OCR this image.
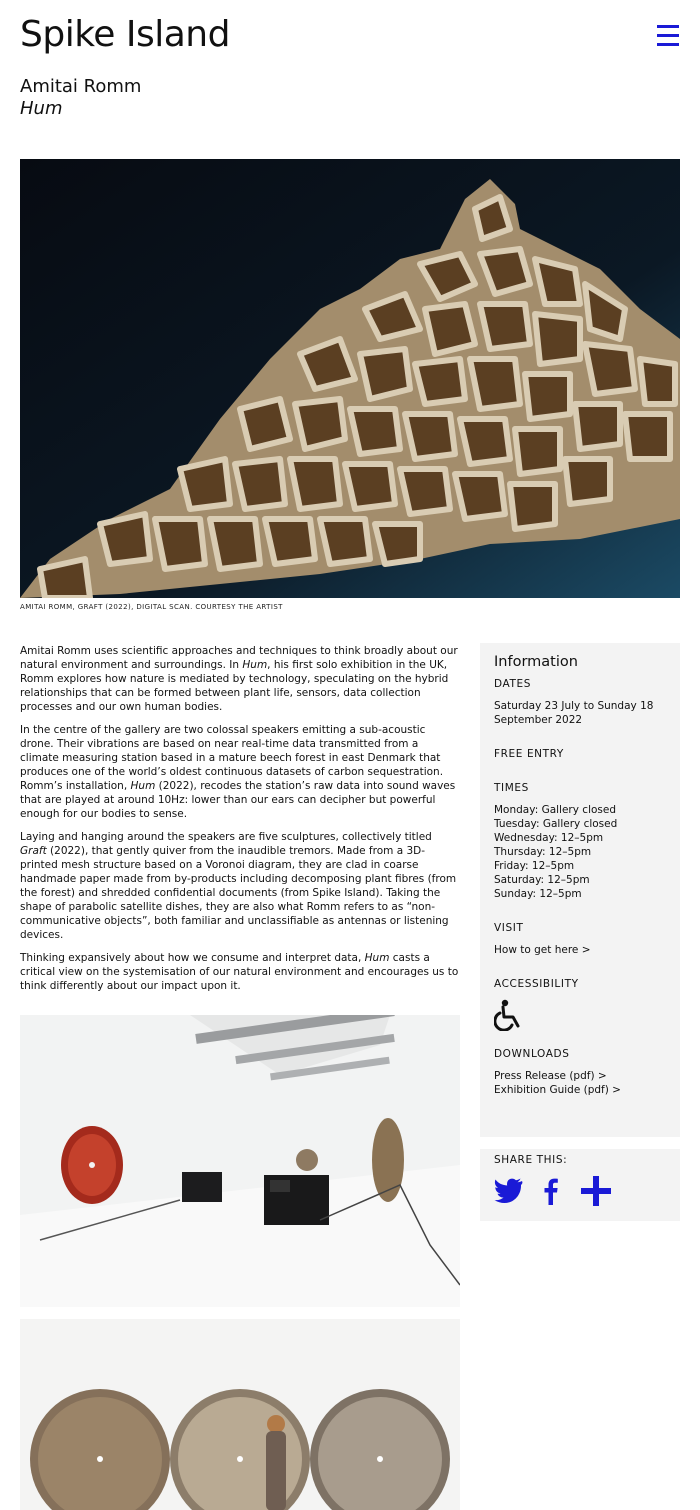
Spike Island
Amitai Romm
Hum
AMITAI ROMM, GRAFT (2022), DIGITAL SCAN. COURTESY THE ARTIST

Amitai Romm uses scientific approaches and techniques to think broadly about our natural environment and surroundings. In Hum, his first solo exhibition in the UK, Romm explores how nature is mediated by technology, speculating on the hybrid relationships that can be formed between plant life, sensors, data collection processes and our own human bodies.

In the centre of the gallery are two colossal speakers emitting a sub-acoustic drone. Their vibrations are based on near real-time data transmitted from a climate measuring station based in a mature beech forest in east Denmark that produces one of the world’s oldest continuous datasets of carbon sequestration. Romm’s installation, Hum (2022), recodes the station’s raw data into sound waves that are played at around 10Hz: lower than our ears can decipher but powerful enough for our bodies to sense.

Laying and hanging around the speakers are five sculptures, collectively titled Graft (2022), that gently quiver from the inaudible tremors. Made from a 3D-printed mesh structure based on a Voronoi diagram, they are clad in coarse handmade paper made from by-products including decomposing plant fibres (from the forest) and shredded confidential documents (from Spike Island). Taking the shape of parabolic satellite dishes, they are also what Romm refers to as “non-communicative objects”, both familiar and unclassifiable as antennas or listening devices.

Thinking expansively about how we consume and interpret data, Hum casts a critical view on the systemisation of our natural environment and encourages us to think differently about our impact upon it.

Information
DATES
Saturday 23 July to Sunday 18 September 2022
FREE ENTRY
TIMES
Monday: Gallery closed
Tuesday: Gallery closed
Wednesday: 12–5pm
Thursday: 12–5pm
Friday: 12–5pm
Saturday: 12–5pm
Sunday: 12–5pm
VISIT
How to get here >
ACCESSIBILITY
DOWNLOADS
Press Release (pdf) >
Exhibition Guide (pdf) >
SHARE THIS:
